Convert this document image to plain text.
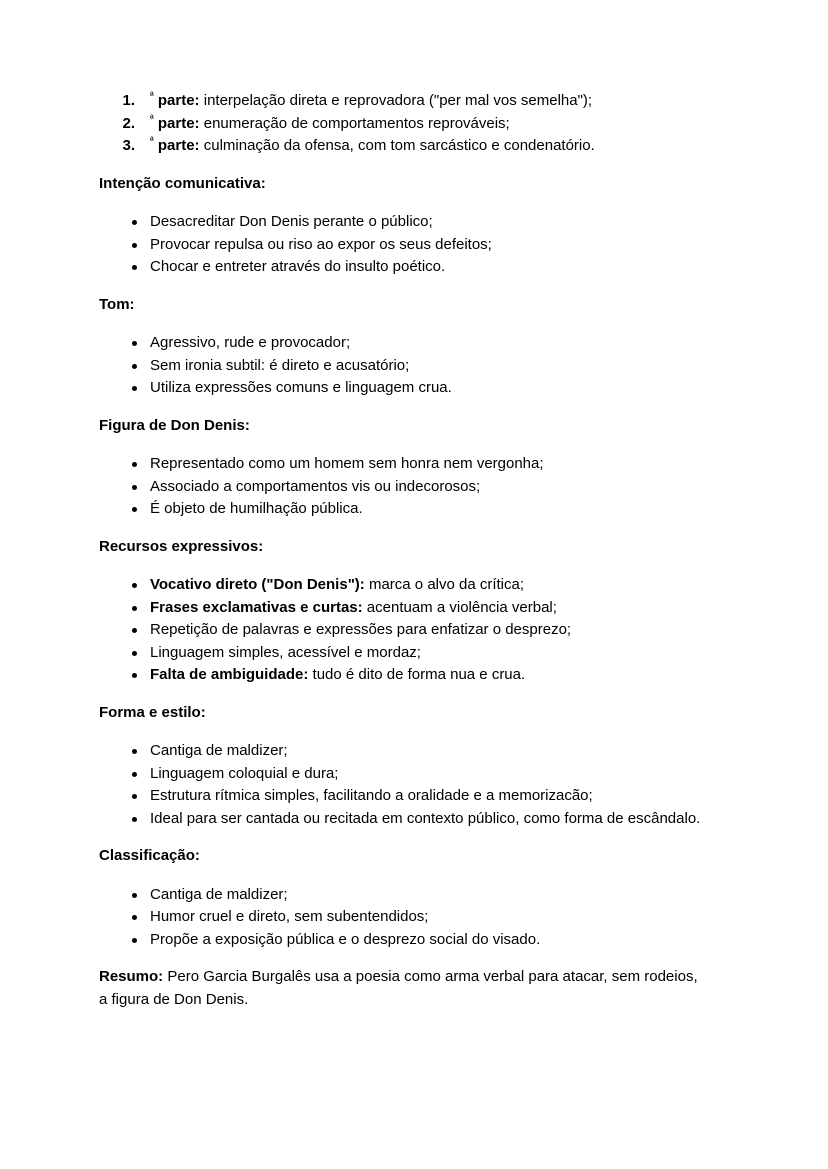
1. $^ª$ parte: interpelação direta e reprovadora ("per mal vos semelha");
2. $^ª$ parte: enumeração de comportamentos reprováveis;
3. $^ª$ parte: culminação da ofensa, com tom sarcástico e condenatório.
Intenção comunicativa:
Desacreditar Don Denis perante o público;
Provocar repulsa ou riso ao expor os seus defeitos;
Chocar e entreter através do insulto poético.
Tom:
Agressivo, rude e provocador;
Sem ironia subtil: é direto e acusatório;
Utiliza expressões comuns e linguagem crua.
Figura de Don Denis:
Representado como um homem sem honra nem vergonha;
Associado a comportamentos vis ou indecorosos;
É objeto de humilhação pública.
Recursos expressivos:
Vocativo direto ("Don Denis"): marca o alvo da crítica;
Frases exclamativas e curtas: acentuam a violência verbal;
Repetição de palavras e expressões para enfatizar o desprezo;
Linguagem simples, acessível e mordaz;
Falta de ambiguidade: tudo é dito de forma nua e crua.
Forma e estilo:
Cantiga de maldizer;
Linguagem coloquial e dura;
Estrutura rítmica simples, facilitando a oralidade e a memorizacão;
Ideal para ser cantada ou recitada em contexto público, como forma de escândalo.
Classificação:
Cantiga de maldizer;
Humor cruel e direto, sem subentendidos;
Propõe a exposição pública e o desprezo social do visado.

Resumo: Pero Garcia Burgalês usa a poesia como arma verbal para atacar, sem rodeios, a figura de Don Denis.
